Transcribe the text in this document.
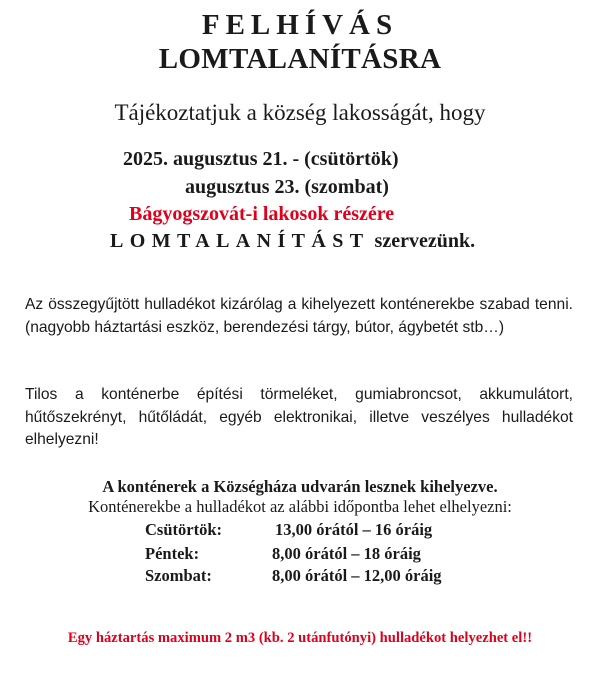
FELHÍVÁS
LOMTALANÍTÁSRA
Tájékoztatjuk a község lakosságát, hogy
2025. augusztus 21. - (csütörtök)
augusztus 23. (szombat)
Bágyogszovát-i lakosok részére
LOMTALANÍTÁST szervezünk.

Az összegyűjtött hulladékot kizárólag a kihelyezett konténerekbe szabad tenni. (nagyobb háztartási eszköz, berendezési tárgy, bútor, ágybetét stb…)

Tilos a konténerbe építési törmeléket, gumiabroncsot, akkumulátort, hűtőszekrényt, hűtőládát, egyéb elektronikai, illetve veszélyes hulladékot elhelyezni!

A konténerek a Községháza udvarán lesznek kihelyezve.
Konténerekbe a hulladékot az alábbi időpontba lehet elhelyezni:
Csütörtök:	13,00 órától – 16 óráig
Péntek:	8,00 órától – 18 óráig
Szombat:	8,00 órától – 12,00 óráig
Egy háztartás maximum 2 m3 (kb. 2 utánfutónyi) hulladékot helyezhet el!!
